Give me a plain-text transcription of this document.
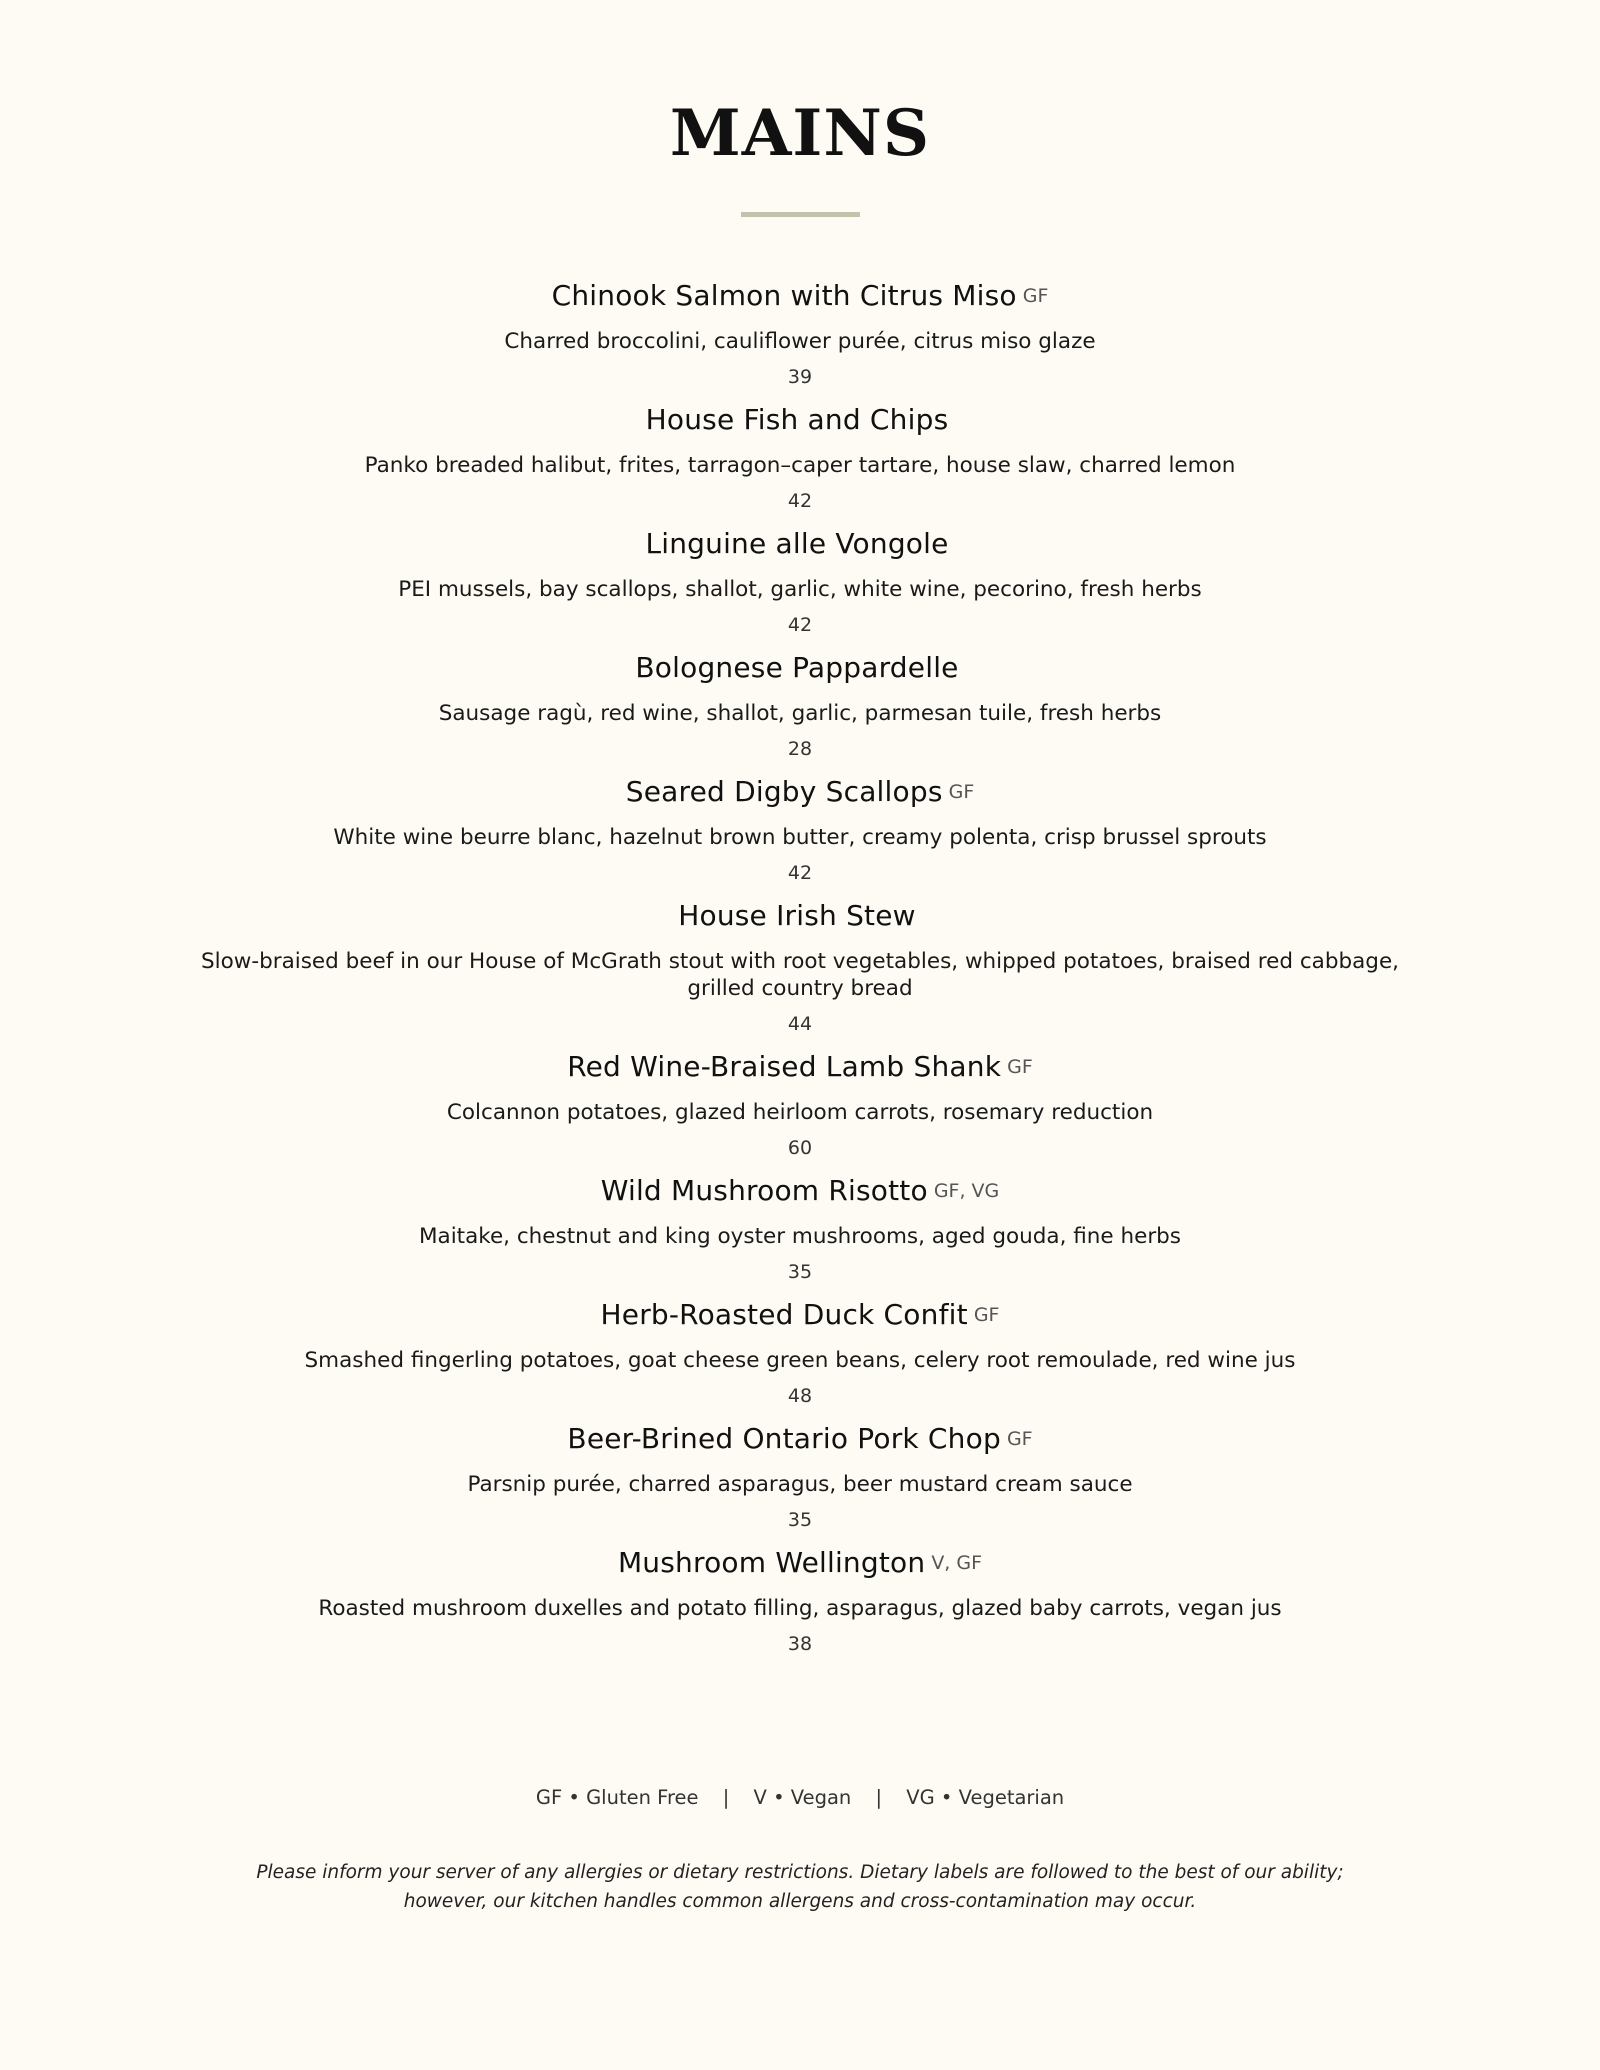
MAINS
Chinook Salmon with Citrus Miso GF
Charred broccolini, cauliflower purée, citrus miso glaze
39
House Fish and Chips
Panko breaded halibut, frites, tarragon–caper tartare, house slaw, charred lemon
42
Linguine alle Vongole
PEI mussels, bay scallops, shallot, garlic, white wine, pecorino, fresh herbs
42
Bolognese Pappardelle
Sausage ragù, red wine, shallot, garlic, parmesan tuile, fresh herbs
28
Seared Digby Scallops GF
White wine beurre blanc, hazelnut brown butter, creamy polenta, crisp brussel sprouts
42
House Irish Stew
Slow-braised beef in our House of McGrath stout with root vegetables, whipped potatoes, braised red cabbage, grilled country bread
44
Red Wine-Braised Lamb Shank GF
Colcannon potatoes, glazed heirloom carrots, rosemary reduction
60
Wild Mushroom Risotto GF, VG
Maitake, chestnut and king oyster mushrooms, aged gouda, fine herbs
35
Herb-Roasted Duck Confit GF
Smashed fingerling potatoes, goat cheese green beans, celery root remoulade, red wine jus
48
Beer-Brined Ontario Pork Chop GF
Parsnip purée, charred asparagus, beer mustard cream sauce
35
Mushroom Wellington V, GF
Roasted mushroom duxelles and potato filling, asparagus, glazed baby carrots, vegan jus
38
GF • Gluten Free | V • Vegan | VG • Vegetarian
Please inform your server of any allergies or dietary restrictions. Dietary labels are followed to the best of our ability;
however, our kitchen handles common allergens and cross-contamination may occur.
